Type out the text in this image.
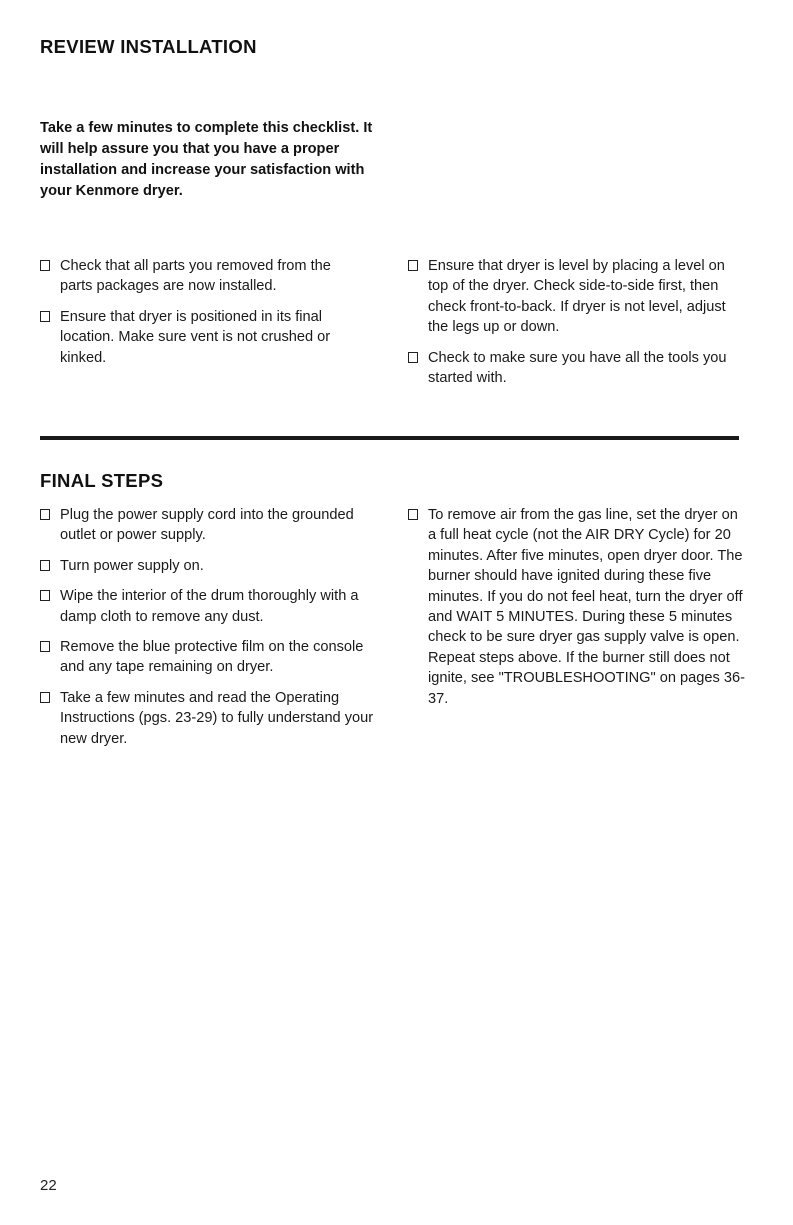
REVIEW INSTALLATION

Take a few minutes to complete this checklist. It will help assure you that you have a proper installation and increase your satisfaction with your Kenmore dryer.

Check that all parts you removed from the parts packages are now installed.
Ensure that dryer is positioned in its final location. Make sure vent is not crushed or kinked.
Ensure that dryer is level by placing a level on top of the dryer. Check side-to-side first, then check front-to-back. If dryer is not level, adjust the legs up or down.
Check to make sure you have all the tools you started with.
FINAL STEPS
Plug the power supply cord into the grounded outlet or power supply.
Turn power supply on.
Wipe the interior of the drum thoroughly with a damp cloth to remove any dust.
Remove the blue protective film on the console and any tape remaining on dryer.
Take a few minutes and read the Operating Instructions (pgs. 23-29) to fully understand your new dryer.
To remove air from the gas line, set the dryer on a full heat cycle (not the AIR DRY Cycle) for 20 minutes. After five minutes, open dryer door. The burner should have ignited during these five minutes. If you do not feel heat, turn the dryer off and WAIT 5 MINUTES. During these 5 minutes check to be sure dryer gas supply valve is open. Repeat steps above. If the burner still does not ignite, see "TROUBLESHOOTING" on pages 36-37.
22
